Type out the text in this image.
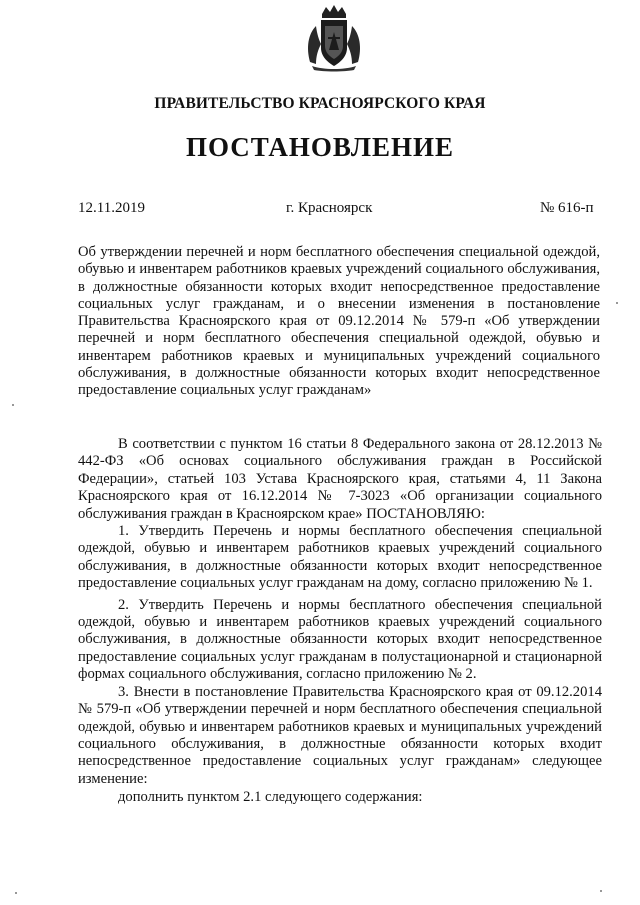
ПРАВИТЕЛЬСТВО КРАСНОЯРСКОГО КРАЯ
ПОСТАНОВЛЕНИЕ
12.11.2019	г. Красноярск	№ 616-п
Об утверждении перечней и норм бесплатного обеспечения специальной одеждой, обувью и инвентарем работников краевых учреждений социального обслуживания, в должностные обязанности которых входит непосредственное предоставление социальных услуг гражданам, и о внесении изменения в постановление Правительства Красноярского края от 09.12.2014 № 579-п «Об утверждении перечней и норм бесплатного обеспечения специальной одеждой, обувью и инвентарем работников краевых и муниципальных учреждений социального обслуживания, в должностные обязанности которых входит непосредственное предоставление социальных услуг гражданам»

В соответствии с пунктом 16 статьи 8 Федерального закона от 28.12.2013 № 442-ФЗ «Об основах социального обслуживания граждан в Российской Федерации», статьей 103 Устава Красноярского края, статьями 4, 11 Закона Красноярского края от 16.12.2014 № 7-3023 «Об организации социального обслуживания граждан в Красноярском крае» ПОСТАНОВЛЯЮ:

1. Утвердить Перечень и нормы бесплатного обеспечения специальной одеждой, обувью и инвентарем работников краевых учреждений социального обслуживания, в должностные обязанности которых входит непосредственное предоставление социальных услуг гражданам на дому, согласно приложению № 1.

2. Утвердить Перечень и нормы бесплатного обеспечения специальной одеждой, обувью и инвентарем работников краевых учреждений социального обслуживания, в должностные обязанности которых входит непосредственное предоставление социальных услуг гражданам в полустационарной и стационарной формах социального обслуживания, согласно приложению № 2.

3. Внести в постановление Правительства Красноярского края от 09.12.2014 № 579-п «Об утверждении перечней и норм бесплатного обеспечения специальной одеждой, обувью и инвентарем работников краевых и муниципальных учреждений социального обслуживания, в должностные обязанности которых входит непосредственное предоставление социальных услуг гражданам» следующее изменение:

дополнить пунктом 2.1 следующего содержания:
